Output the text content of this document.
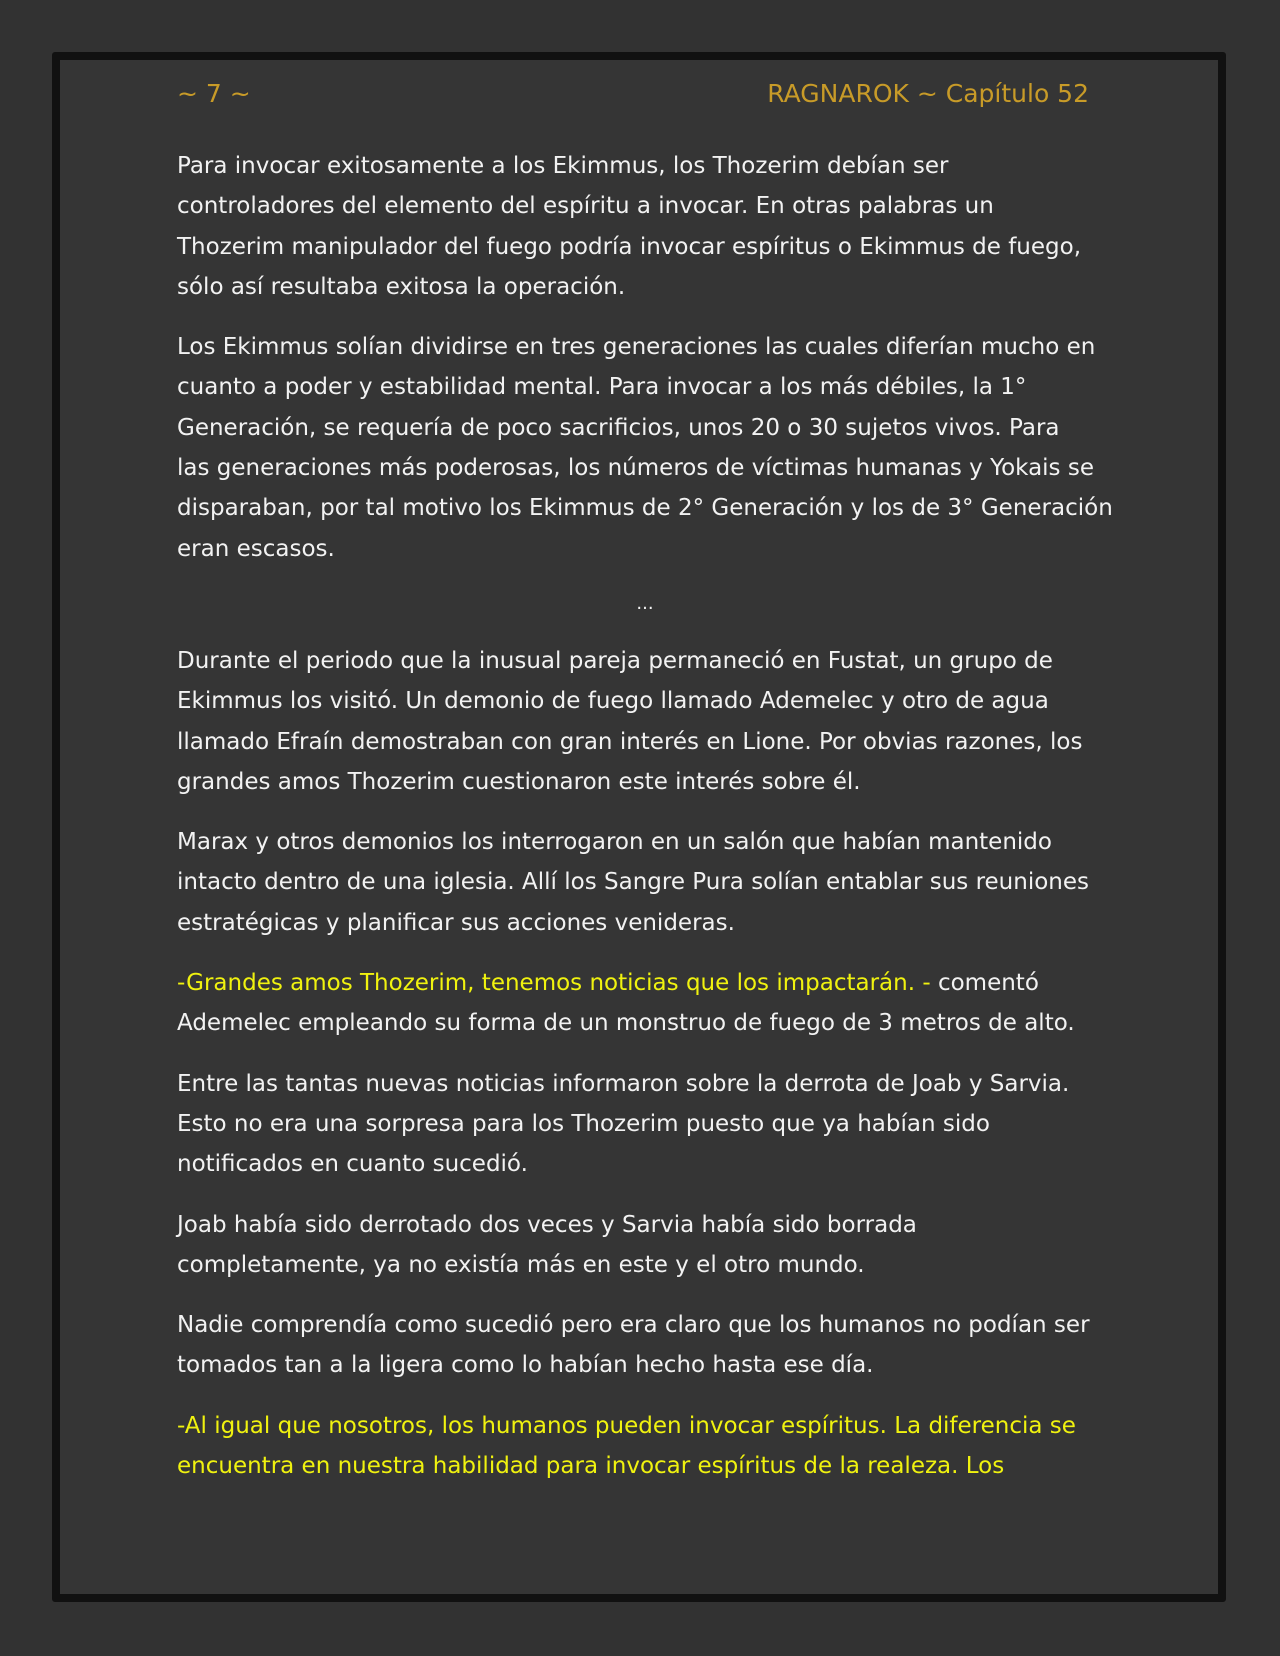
~ 7 ~	RAGNAROK ~ Capítulo 52

Para invocar exitosamente a los Ekimmus, los Thozerim debían ser
controladores del elemento del espíritu a invocar. En otras palabras un
Thozerim manipulador del fuego podría invocar espíritus o Ekimmus de fuego,
sólo así resultaba exitosa la operación.

Los Ekimmus solían dividirse en tres generaciones las cuales diferían mucho en
cuanto a poder y estabilidad mental. Para invocar a los más débiles, la 1°
Generación, se requería de poco sacrificios, unos 20 o 30 sujetos vivos. Para
las generaciones más poderosas, los números de víctimas humanas y Yokais se
disparaban, por tal motivo los Ekimmus de 2° Generación y los de 3° Generación
eran escasos.

...

Durante el periodo que la inusual pareja permaneció en Fustat, un grupo de
Ekimmus los visitó. Un demonio de fuego llamado Ademelec y otro de agua
llamado Efraín demostraban con gran interés en Lione. Por obvias razones, los
grandes amos Thozerim cuestionaron este interés sobre él.

Marax y otros demonios los interrogaron en un salón que habían mantenido
intacto dentro de una iglesia. Allí los Sangre Pura solían entablar sus reuniones
estratégicas y planificar sus acciones venideras.

-Grandes amos Thozerim, tenemos noticias que los impactarán. - comentó
Ademelec empleando su forma de un monstruo de fuego de 3 metros de alto.

Entre las tantas nuevas noticias informaron sobre la derrota de Joab y Sarvia.
Esto no era una sorpresa para los Thozerim puesto que ya habían sido
notificados en cuanto sucedió.

Joab había sido derrotado dos veces y Sarvia había sido borrada
completamente, ya no existía más en este y el otro mundo.

Nadie comprendía como sucedió pero era claro que los humanos no podían ser
tomados tan a la ligera como lo habían hecho hasta ese día.

-Al igual que nosotros, los humanos pueden invocar espíritus. La diferencia se
encuentra en nuestra habilidad para invocar espíritus de la realeza. Los
